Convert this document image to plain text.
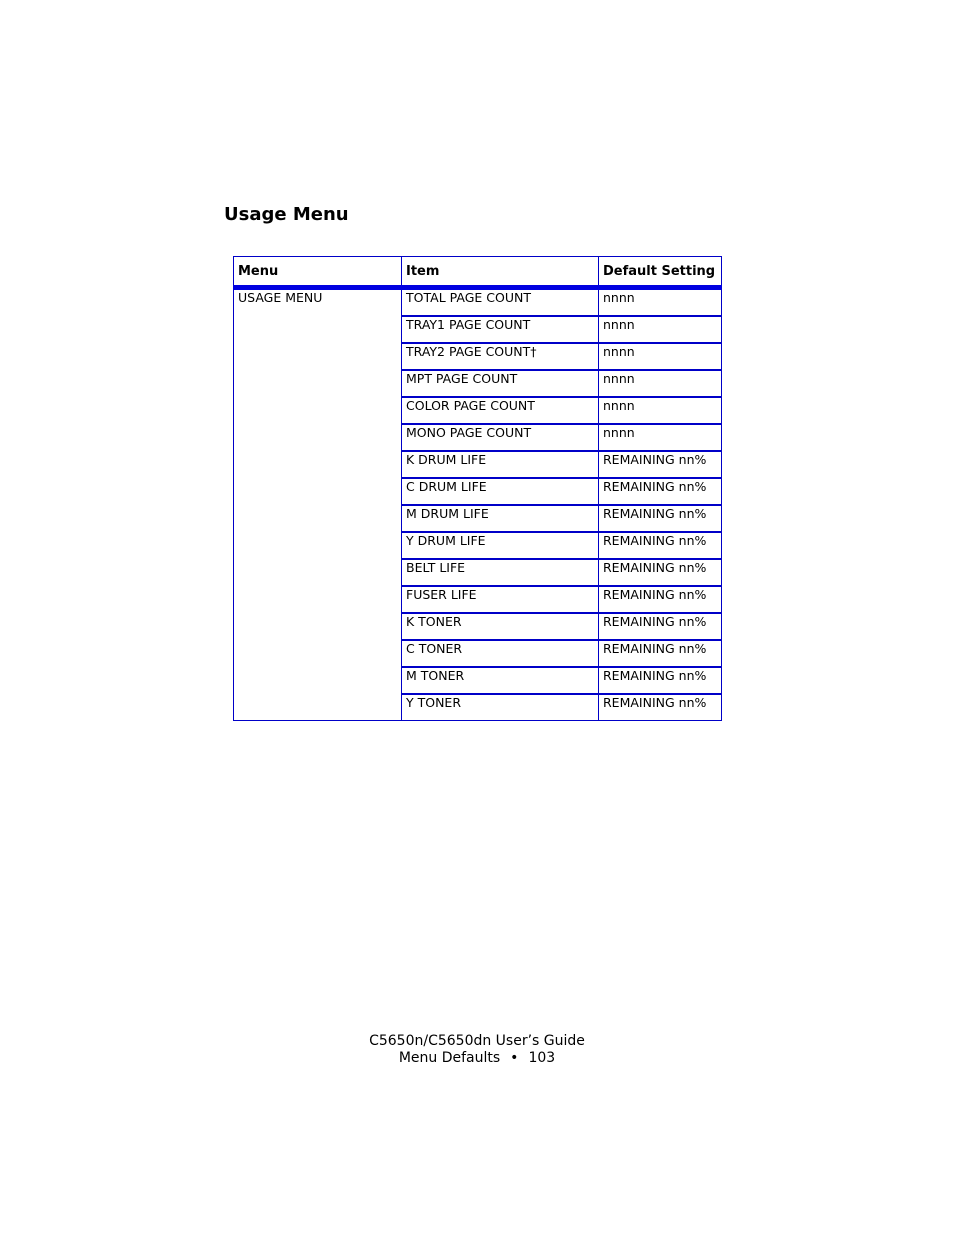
Usage Menu
Menu	Item	Default Setting
USAGE MENU	TOTAL PAGE COUNT	nnnn
	TRAY1 PAGE COUNT	nnnn
	TRAY2 PAGE COUNT†	nnnn
	MPT PAGE COUNT	nnnn
	COLOR PAGE COUNT	nnnn
	MONO PAGE COUNT	nnnn
	K DRUM LIFE	REMAINING nn%
	C DRUM LIFE	REMAINING nn%
	M DRUM LIFE	REMAINING nn%
	Y DRUM LIFE	REMAINING nn%
	BELT LIFE	REMAINING nn%
	FUSER LIFE	REMAINING nn%
	K TONER	REMAINING nn%
	C TONER	REMAINING nn%
	M TONER	REMAINING nn%
	Y TONER	REMAINING nn%
C5650n/C5650dn User’s Guide
Menu Defaults • 103
